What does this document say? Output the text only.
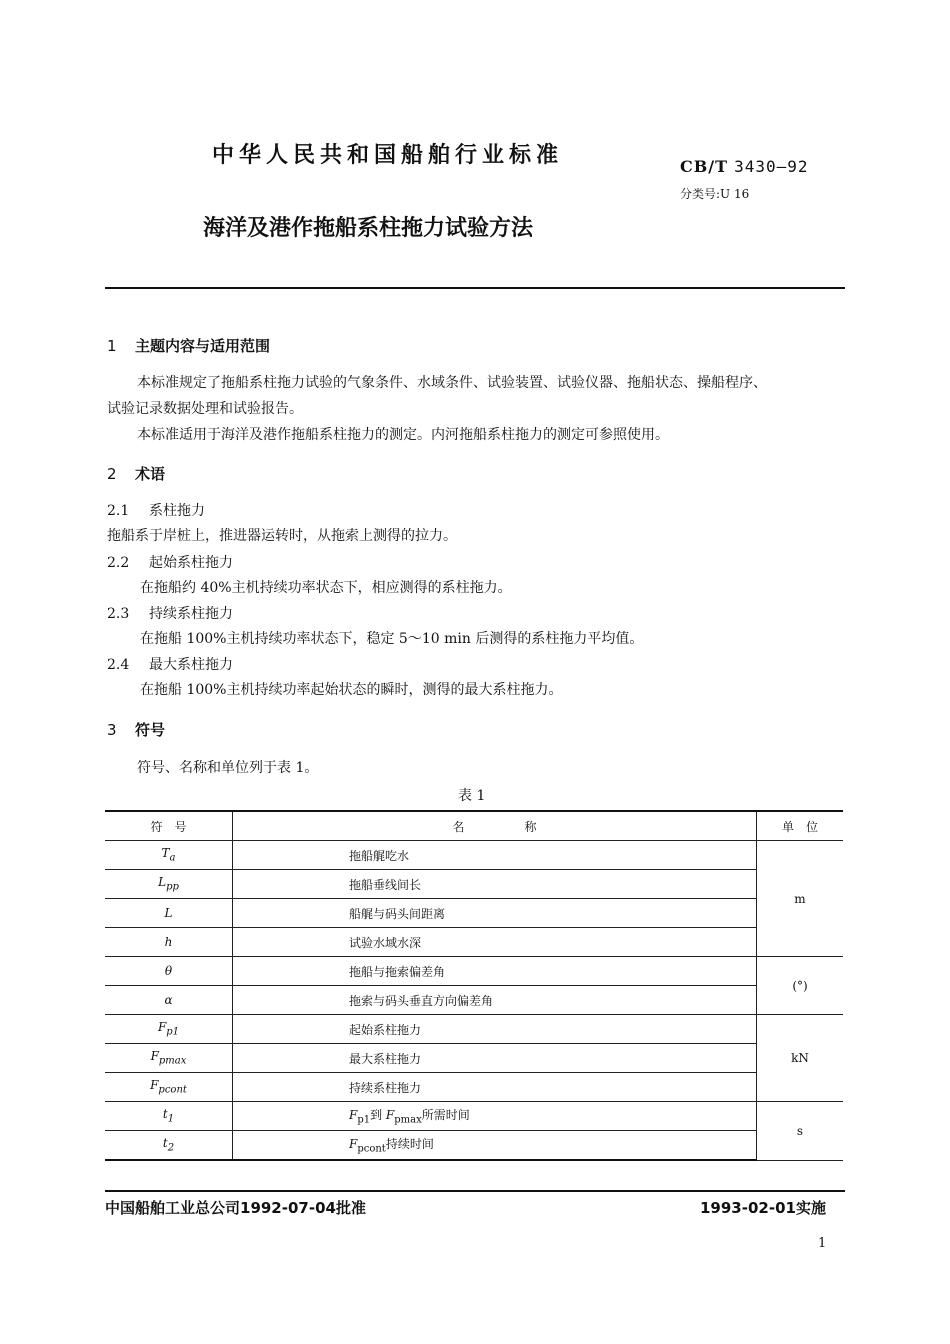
中华人民共和国船舶行业标准	CB/T 3430—92
分类号:U 16
海洋及港作拖船系柱拖力试验方法
1 主题内容与适用范围
本标准规定了拖船系柱拖力试验的气象条件、水域条件、试验装置、试验仪器、拖船状态、操船程序、
试验记录数据处理和试验报告。
本标准适用于海洋及港作拖船系柱拖力的测定。内河拖船系柱拖力的测定可参照使用。
2 术语
2.1 系柱拖力
拖船系于岸桩上，推进器运转时，从拖索上测得的拉力。
2.2 起始系柱拖力
在拖船约 40%主机持续功率状态下，相应测得的系柱拖力。
2.3 持续系柱拖力
在拖船 100%主机持续功率状态下，稳定 5～10 min 后测得的系柱拖力平均值。
2.4 最大系柱拖力
在拖船 100%主机持续功率起始状态的瞬时，测得的最大系柱拖力。
3 符号
符号、名称和单位列于表 1。
表 1
符　号	名　　　　　称	单　位
$T_a$	拖船艉吃水	m
$L_{pp}$	拖船垂线间长	
L	船艉与码头间距离	
h	试验水域水深	
θ	拖船与拖索偏差角	(°)
α	拖索与码头垂直方向偏差角	
$F_{p1}$	起始系柱拖力	kN
$F_{pmax}$	最大系柱拖力	
$F_{pcont}$	持续系柱拖力	
$t_1$	$F_{p1}$到 $F_{pmax}$所需时间	s
$t_2$	$F_{pcont}$持续时间	
中国船舶工业总公司1992-07-04批准	1993-02-01实施
1
